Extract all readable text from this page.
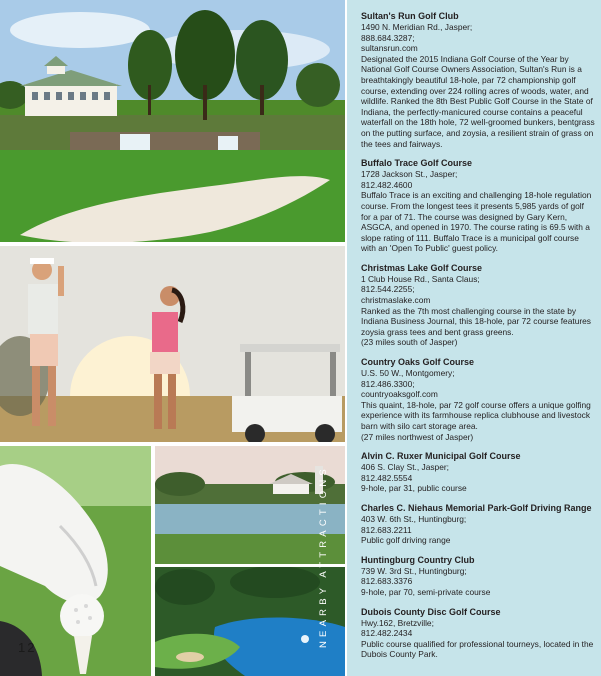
12	NEARBY ATTRACTIONS
Sultan's Run Golf Club
1490 N. Meridian Rd., Jasper;
888.684.3287;
sultansrun.com
Designated the 2015 Indiana Golf Course of the Year by National Golf Course Owners Association, Sultan's Run is a breathtakingly beautiful 18-hole, par 72 championship golf course, extending over 224 rolling acres of woods, water, and wildlife. Ranked the 8th Best Public Golf Course in the State of Indiana, the perfectly-manicured course contains a peaceful waterfall on the 18th hole, 72 well-groomed bunkers, bentgrass on the putting surface, and zoysia, a resilient strain of grass on the tees and fairways.
Buffalo Trace Golf Course
1728 Jackson St., Jasper;
812.482.4600
Buffalo Trace is an exciting and challenging 18-hole regulation course. From the longest tees it presents 5,985 yards of golf for a par of 71. The course was designed by Gary Kern, ASGCA, and opened in 1970. The course rating is 69.5 with a slope rating of 111. Buffalo Trace is a municipal golf course with an 'Open To Public' guest policy.
Christmas Lake Golf Course
1 Club House Rd., Santa Claus;
812.544.2255;
christmaslake.com
Ranked as the 7th most challenging course in the state by Indiana Business Journal, this 18-hole, par 72 course features zoysia grass tees and bent grass greens.
(23 miles south of Jasper)
Country Oaks Golf Course
U.S. 50 W., Montgomery;
812.486.3300;
countryoaksgolf.com
This quaint, 18-hole, par 72 golf course offers a unique golfing experience with its farmhouse replica clubhouse and livestock barn with silo cart storage area.
(27 miles northwest of Jasper)
Alvin C. Ruxer Municipal Golf Course
406 S. Clay St., Jasper;
812.482.5554
9-hole, par 31, public course
Charles C. Niehaus Memorial Park-Golf Driving Range
403 W. 6th St., Huntingburg;
812.683.2211
Public golf driving range
Huntingburg Country Club
739 W. 3rd St., Huntingburg;
812.683.3376
9-hole, par 70, semi-private course
Dubois County Disc Golf Course
Hwy.162, Bretzville;
812.482.2434
Public course qualified for professional tourneys, located in the Dubois County Park.
